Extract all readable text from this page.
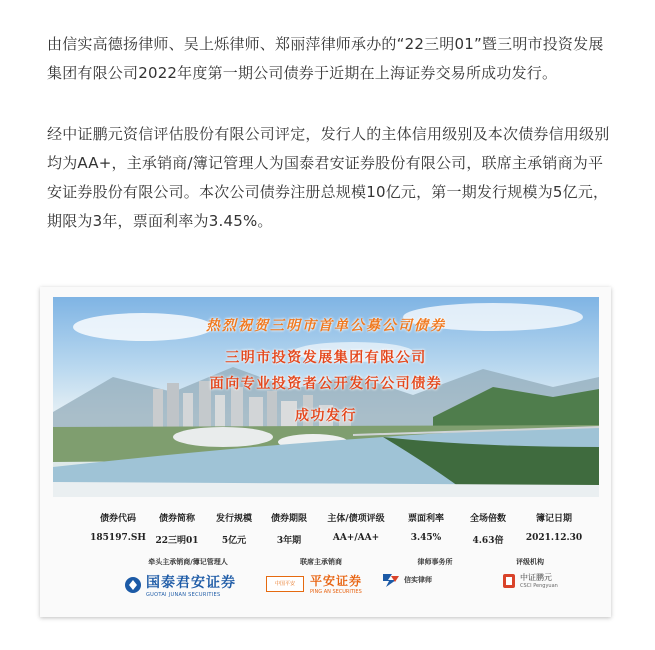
由信实高德扬律师、吴上烁律师、郑丽萍律师承办的“22三明01”暨三明市投资发展集团有限公司2022年度第一期公司债券于近期在上海证券交易所成功发行。

经中证鹏元资信评估股份有限公司评定，发行人的主体信用级别及本次债券信用级别均为AA+，主承销商/簿记管理人为国泰君安证券股份有限公司，联席主承销商为平安证券股份有限公司。本次公司债券注册总规模10亿元，第一期发行规模为5亿元，期限为3年，票面利率为3.45%。

热烈祝贺三明市首单公募公司债券
三明市投资发展集团有限公司
面向专业投资者公开发行公司债券
成功发行
债券代码	债券简称	发行规模	债券期限	主体/债项评级	票面利率	全场倍数	簿记日期
185197.SH	22三明01	5亿元	3年期	AA+/AA+	3.45%	4.63倍	2021.12.30
牵头主承销商/簿记管理人	联席主承销商	律师事务所	评级机构
国泰君安证券
GUOTAI JUNAN SECURITIES
中国平安	平安证券
PING AN SECURITIES
信实律师	中证鹏元
CSCI Pengyuan
